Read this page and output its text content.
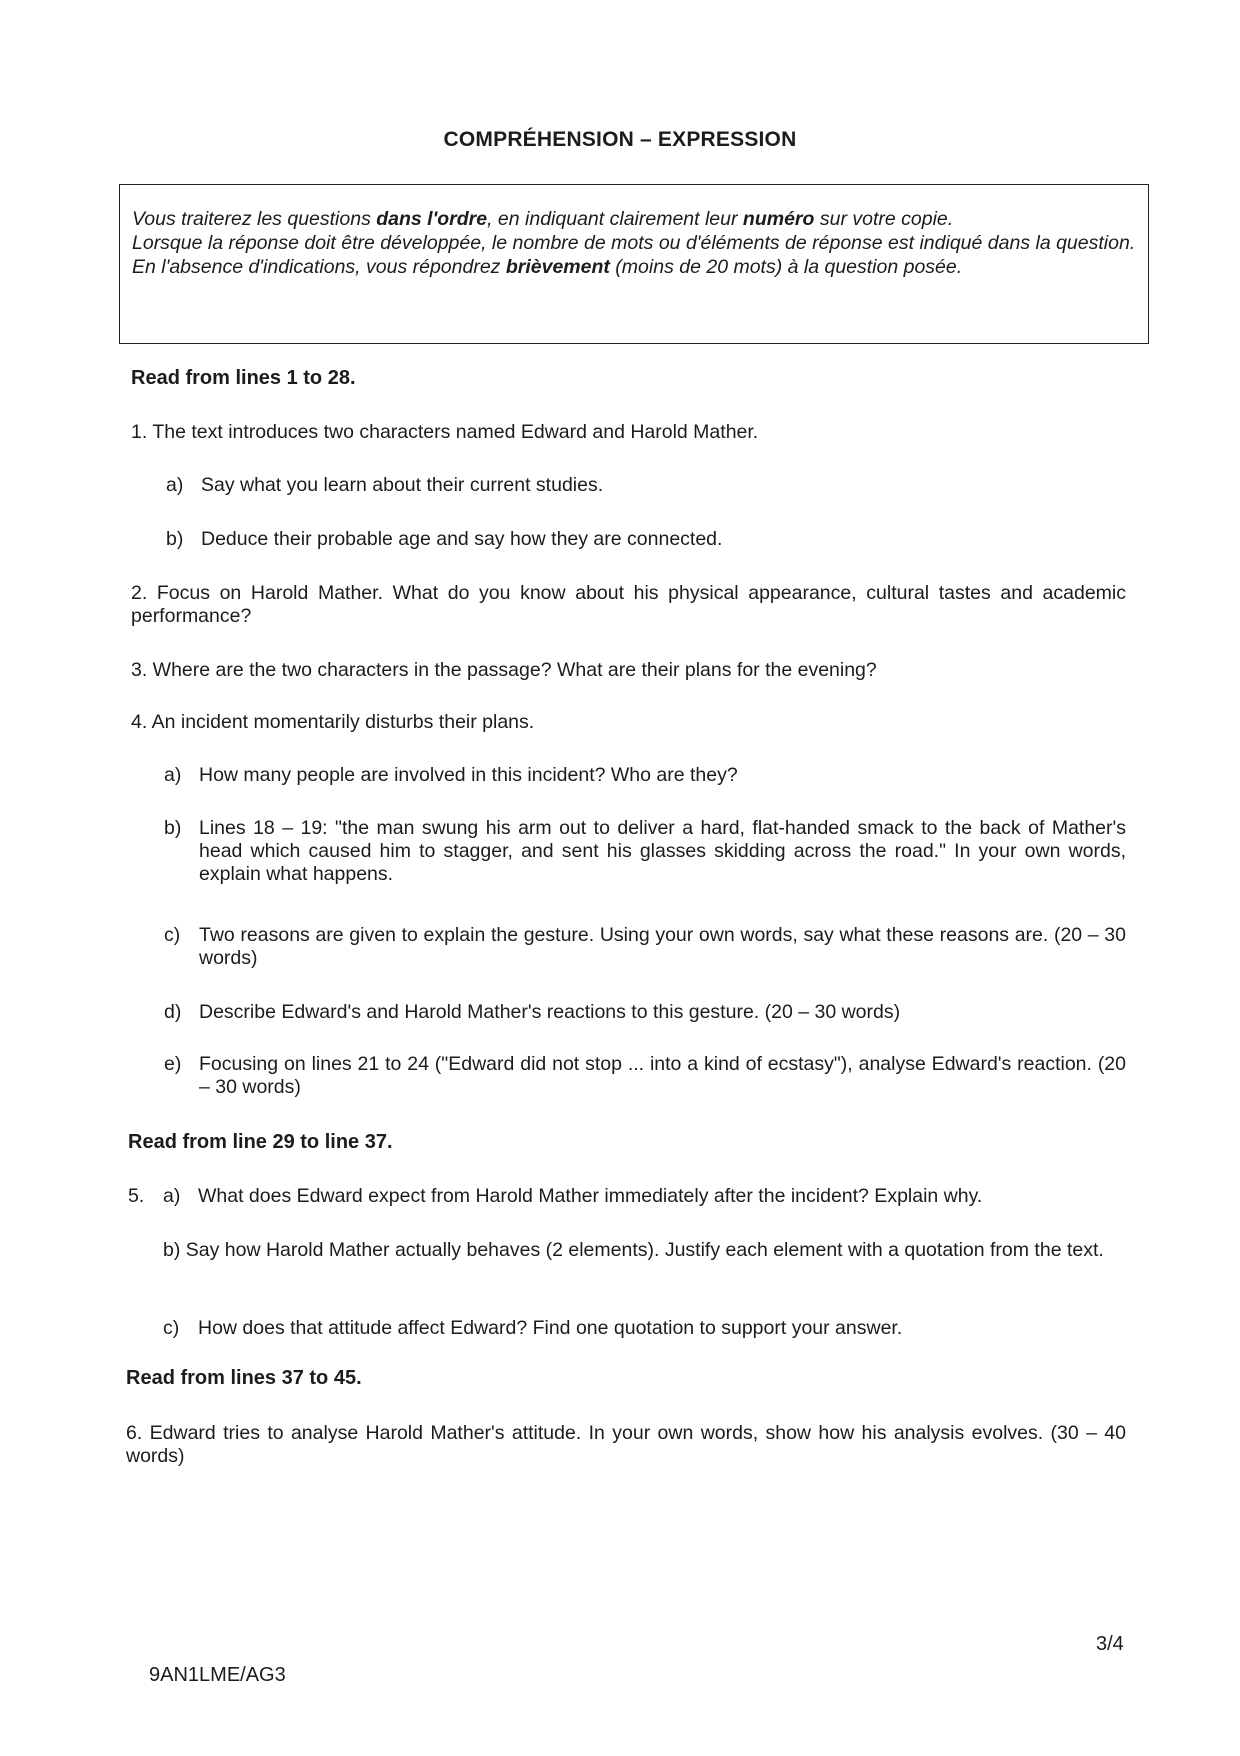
COMPRÉHENSION – EXPRESSION

Vous traiterez les questions dans l'ordre, en indiquant clairement leur numéro sur votre copie.

Lorsque la réponse doit être développée, le nombre de mots ou d'éléments de réponse est indiqué dans la question.

En l'absence d'indications, vous répondrez brièvement (moins de 20 mots) à la question posée.

Read from lines 1 to 28.
1. The text introduces two characters named Edward and Harold Mather.
a) Say what you learn about their current studies.
b) Deduce their probable age and say how they are connected.
2. Focus on Harold Mather. What do you know about his physical appearance, cultural tastes and academic performance?
3. Where are the two characters in the passage? What are their plans for the evening?
4. An incident momentarily disturbs their plans.
a) How many people are involved in this incident? Who are they?
b) Lines 18 – 19: "the man swung his arm out to deliver a hard, flat-handed smack to the back of Mather's head which caused him to stagger, and sent his glasses skidding across the road." In your own words, explain what happens.
c) Two reasons are given to explain the gesture. Using your own words, say what these reasons are. (20 – 30 words)
d) Describe Edward's and Harold Mather's reactions to this gesture. (20 – 30 words)
e) Focusing on lines 21 to 24 ("Edward did not stop ... into a kind of ecstasy"), analyse Edward's reaction. (20 – 30 words)
Read from line 29 to line 37.
5. a) What does Edward expect from Harold Mather immediately after the incident? Explain why.
b) Say how Harold Mather actually behaves (2 elements). Justify each element with a quotation from the text.
c) How does that attitude affect Edward? Find one quotation to support your answer.
Read from lines 37 to 45.
6. Edward tries to analyse Harold Mather's attitude. In your own words, show how his analysis evolves. (30 – 40 words)
3/4
9AN1LME/AG3
